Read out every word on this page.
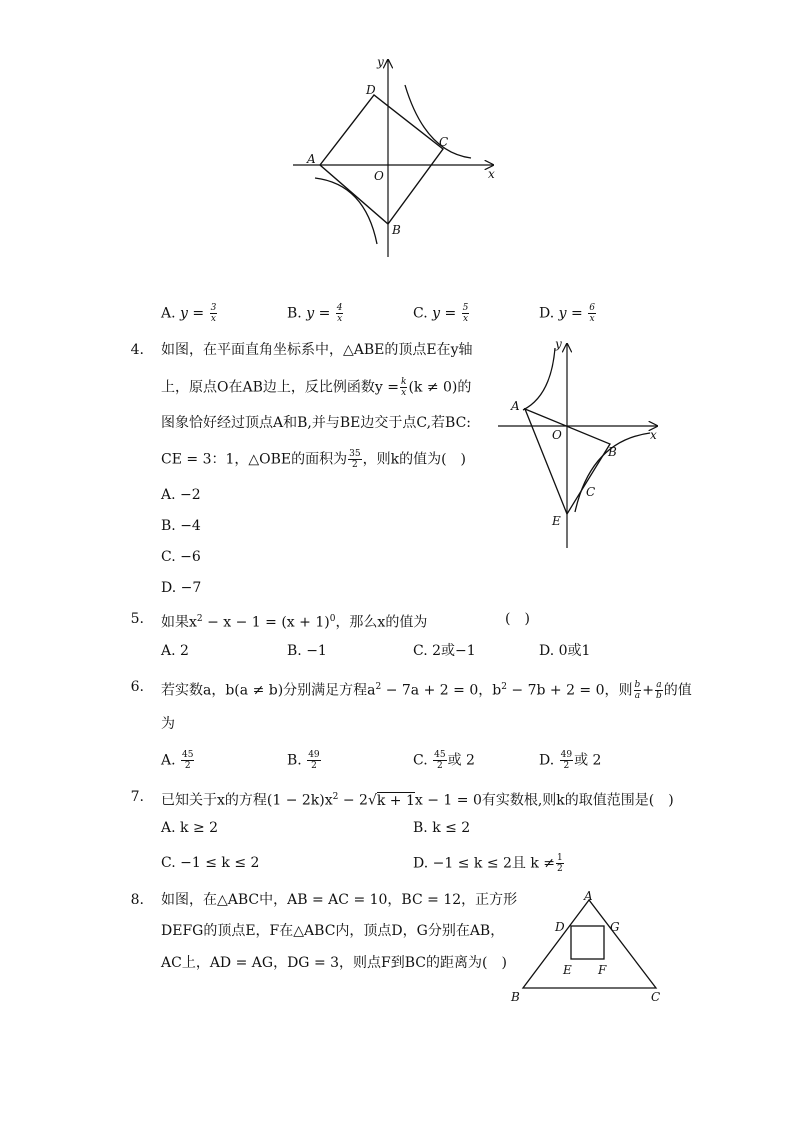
y
x
O
A
B
C
D
A. $y = \frac{3}{x}$	B. $y = \frac{4}{x}$	C. $y = \frac{5}{x}$	D. $y = \frac{6}{x}$
4. 如图，在平面直角坐标系中，△ABE的顶点E在y轴
上，原点O在AB边上，反比例函数$y = \frac{k}{x} (k \ne 0)$的
图象恰好经过顶点A和B,并与BE边交于点C,若BC:
CE = 3：1，△OBE的面积为 $\frac{35}{2}$ ，则k的值为(　)
A. −2
B. −4
C. −6
D. −7
y
x
O
A
B
C
E
5. 如果$x^2 - x - 1 = (x + 1)^0$，那么x的值为	(　)
A. 2	B. −1	C. 2或−1	D. 0或1
6. 若实数a，b(a ≠ b)分别满足方程$a^2 - 7a + 2 = 0$，$b^2 - 7b + 2 = 0$，则 $\frac{b}{a} + \frac{a}{b}$ 的值
为
A. $\frac{45}{2}$	B. $\frac{49}{2}$	C. $\frac{45}{2}$ 或 2	D. $\frac{49}{2}$ 或 2
7. 已知关于x的方程$(1 - 2k)x^2 - 2√k + 1x - 1 = 0$有实数根,则k的取值范围是(　)
A. k ≥ 2	B. k ≤ 2
C. −1 ≤ k ≤ 2	D. −1 ≤ k ≤ 2且 $k \ne \frac{1}{2}$
8. 如图，在△ABC中，AB = AC = 10，BC = 12，正方形
DEFG的顶点E，F在△ABC内，顶点D，G分别在AB，
AC上，AD = AG，DG = 3，则点F到BC的距离为(　)
A
B	C
D	G
E F
